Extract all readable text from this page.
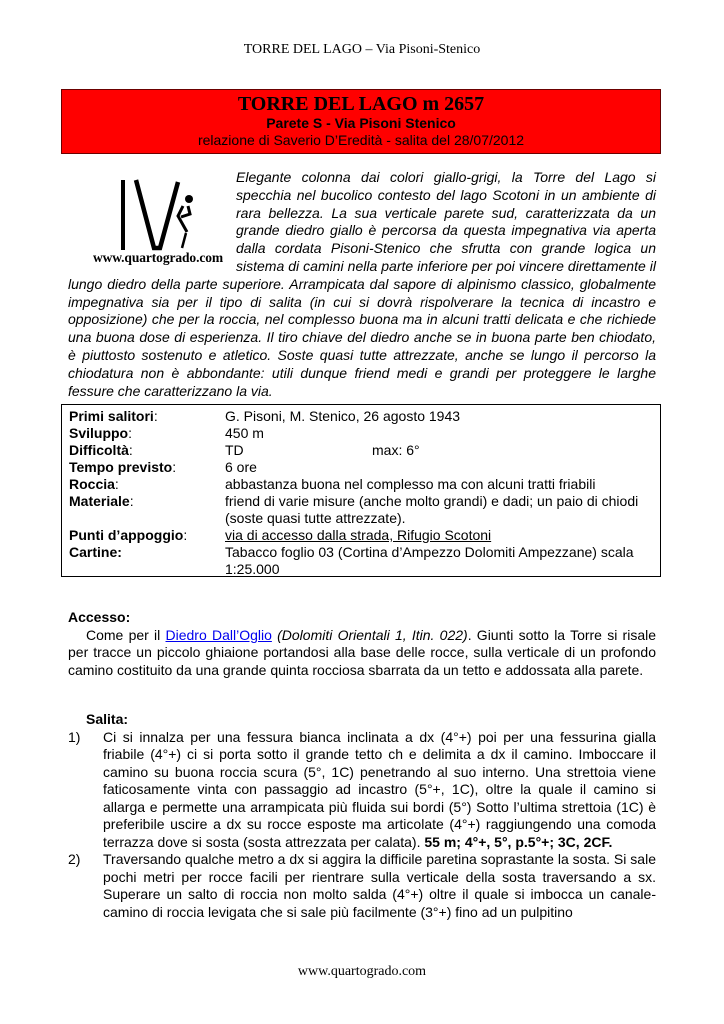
TORRE DEL LAGO – Via Pisoni-Stenico
TORRE DEL LAGO m 2657
Parete S - Via Pisoni Stenico
relazione di Saverio D’Eredità - salita del 28/07/2012
www.quartogrado.com

Elegante colonna dai colori giallo-grigi, la Torre del Lago si specchia nel bucolico contesto del lago Scotoni in un ambiente di rara bellezza. La sua verticale parete sud, caratterizzata da un grande diedro giallo è percorsa da questa impegnativa via aperta dalla cordata Pisoni-Stenico che sfrutta con grande logica un sistema di camini nella parte inferiore per poi vincere direttamente il lungo diedro della parte superiore. Arrampicata dal sapore di alpinismo classico, globalmente impegnativa sia per il tipo di salita (in cui si dovrà rispolverare la tecnica di incastro e opposizione) che per la roccia, nel complesso buona ma in alcuni tratti delicata e che richiede una buona dose di esperienza. Il tiro chiave del diedro anche se in buona parte ben chiodato, è piuttosto sostenuto e atletico. Soste quasi tutte attrezzate, anche se lungo il percorso la chiodatura non è abbondante: utili dunque friend medi e grandi per proteggere le larghe fessure che caratterizzano la via.

Primi salitori:	G. Pisoni, M. Stenico, 26 agosto 1943
Sviluppo:	450 m
Difficoltà:	TD	max: 6°
Tempo previsto:	6 ore
Roccia:	abbastanza buona nel complesso ma con alcuni tratti friabili
Materiale:	friend di varie misure (anche molto grandi) e dadi; un paio di chiodi (soste quasi tutte attrezzate).
Punti d’appoggio:	via di accesso dalla strada, Rifugio Scotoni
Cartine:	Tabacco foglio 03 (Cortina d’Ampezzo Dolomiti Ampezzane) scala 1:25.000
Accesso:
Come per il Diedro Dall’Oglio (Dolomiti Orientali 1, Itin. 022). Giunti sotto la Torre si risale per tracce un piccolo ghiaione portandosi alla base delle rocce, sulla verticale di un profondo camino costituito da una grande quinta rocciosa sbarrata da un tetto e addossata alla parete.
Salita:
1) Ci si innalza per una fessura bianca inclinata a dx (4°+) poi per una fessurina gialla friabile (4°+) ci si porta sotto il grande tetto ch e delimita a dx il camino. Imboccare il camino su buona roccia scura (5°, 1C) penetrando al suo interno. Una strettoia viene faticosamente vinta con passaggio ad incastro (5°+, 1C), oltre la quale il camino si allarga e permette una arrampicata più fluida sui bordi (5°) Sotto l’ultima strettoia (1C) è preferibile uscire a dx su rocce esposte ma articolate (4°+) raggiungendo una comoda terrazza dove si sosta (sosta attrezzata per calata). 55 m; 4°+, 5°, p.5°+; 3C, 2CF.
2) Traversando qualche metro a dx si aggira la difficile paretina soprastante la sosta. Si sale pochi metri per rocce facili per rientrare sulla verticale della sosta traversando a sx. Superare un salto di roccia non molto salda (4°+) oltre il quale si imbocca un canale-camino di roccia levigata che si sale più facilmente (3°+) fino ad un pulpitino
www.quartogrado.com
